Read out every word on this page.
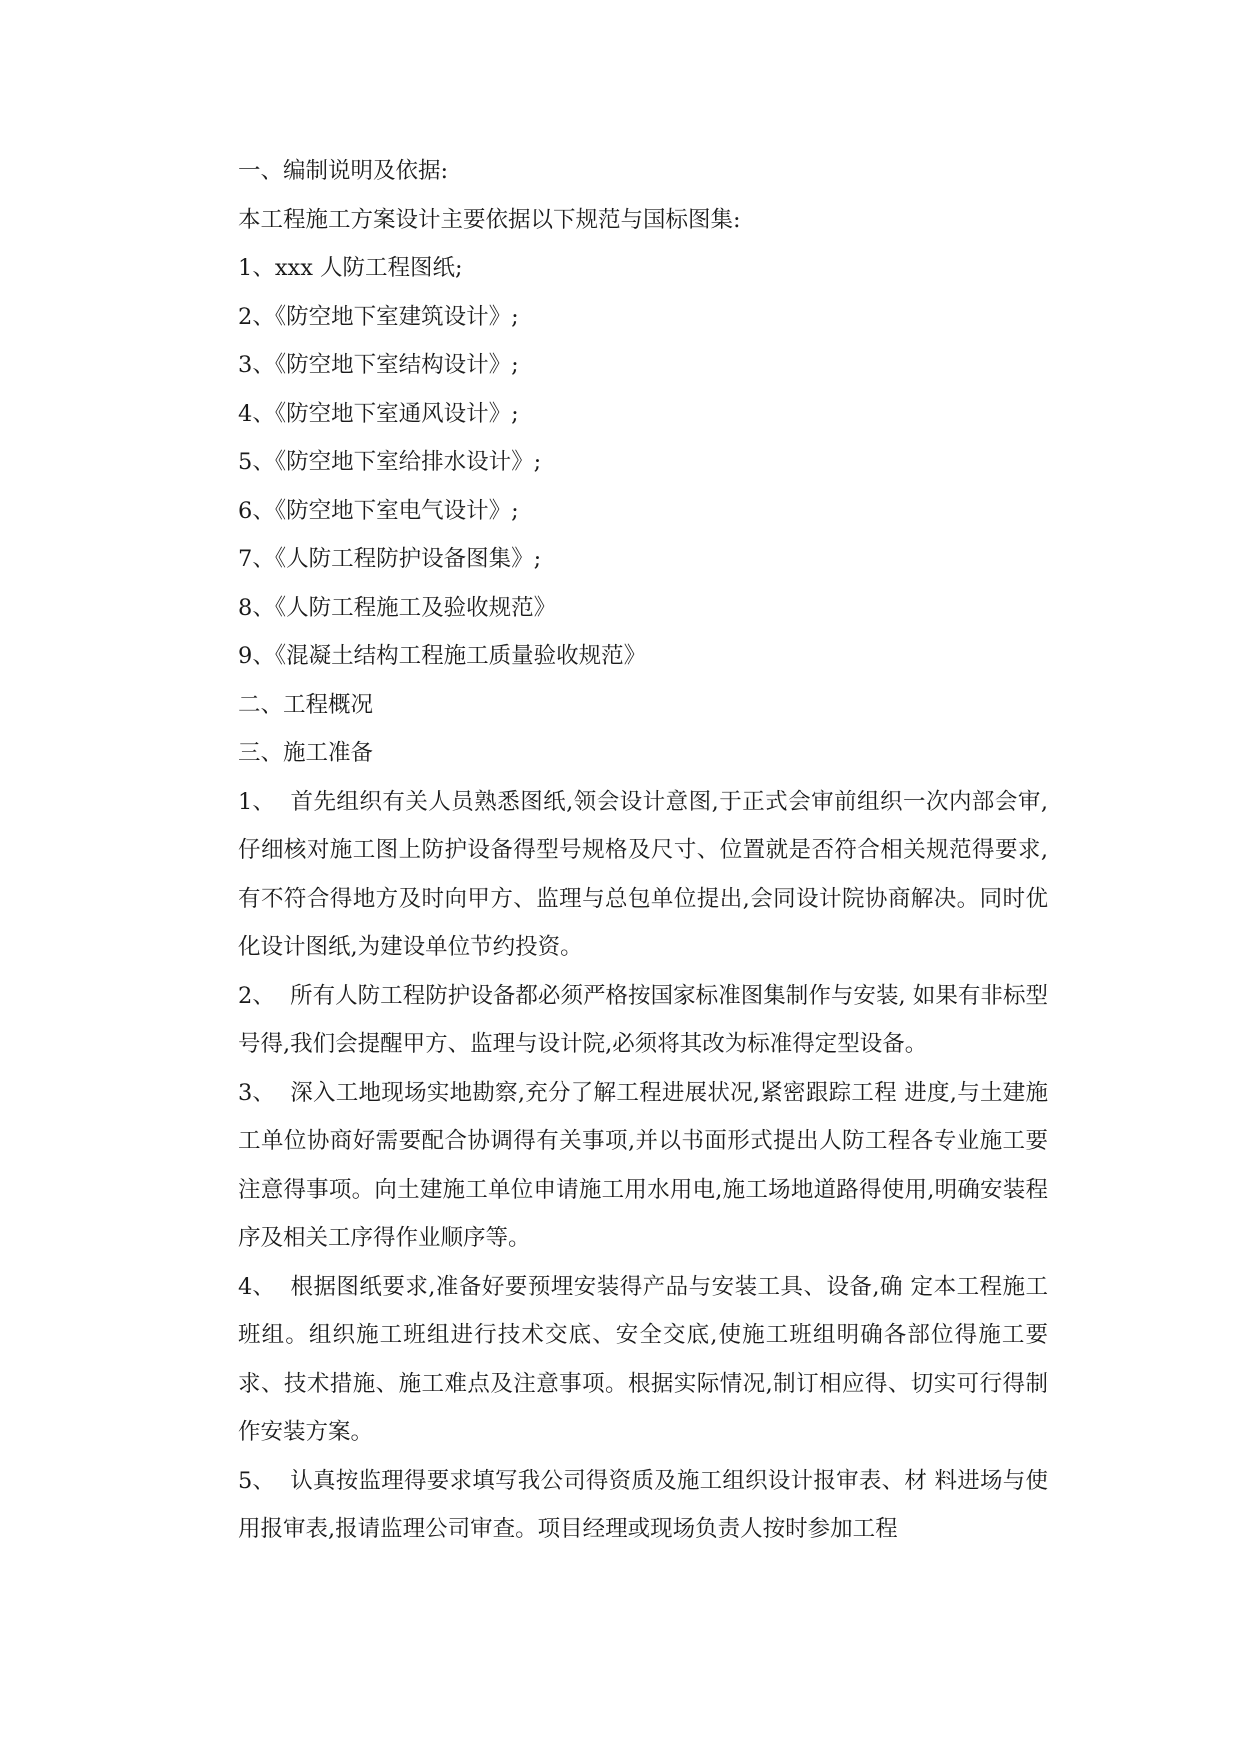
一、编制说明及依据:

本工程施工方案设计主要依据以下规范与国标图集:

1、xxx 人防工程图纸;

2、《防空地下室建筑设计》;

3、《防空地下室结构设计》;

4、《防空地下室通风设计》;

5、《防空地下室给排水设计》;

6、《防空地下室电气设计》;

7、《人防工程防护设备图集》;

8、《人防工程施工及验收规范》

9、《混凝土结构工程施工质量验收规范》

二、工程概况

三、施工准备

1、 首先组织有关人员熟悉图纸,领会设计意图,于正式会审前组织一次内部会审,仔细核对施工图上防护设备得型号规格及尺寸、位置就是否符合相关规范得要求,有不符合得地方及时向甲方、监理与总包单位提出,会同设计院协商解决。同时优化设计图纸,为建设单位节约投资。

2、 所有人防工程防护设备都必须严格按国家标准图集制作与安装, 如果有非标型号得,我们会提醒甲方、监理与设计院,必须将其改为标准得定型设备。

3、 深入工地现场实地勘察,充分了解工程进展状况,紧密跟踪工程 进度,与土建施工单位协商好需要配合协调得有关事项,并以书面形式提出人防工程各专业施工要注意得事项。向土建施工单位申请施工用水用电,施工场地道路得使用,明确安装程序及相关工序得作业顺序等。

4、 根据图纸要求,准备好要预埋安装得产品与安装工具、设备,确 定本工程施工班组。组织施工班组进行技术交底、安全交底,使施工班组明确各部位得施工要求、技术措施、施工难点及注意事项。根据实际情况,制订相应得、切实可行得制作安装方案。

5、 认真按监理得要求填写我公司得资质及施工组织设计报审表、材 料进场与使用报审表,报请监理公司审查。项目经理或现场负责人按时参加工程
